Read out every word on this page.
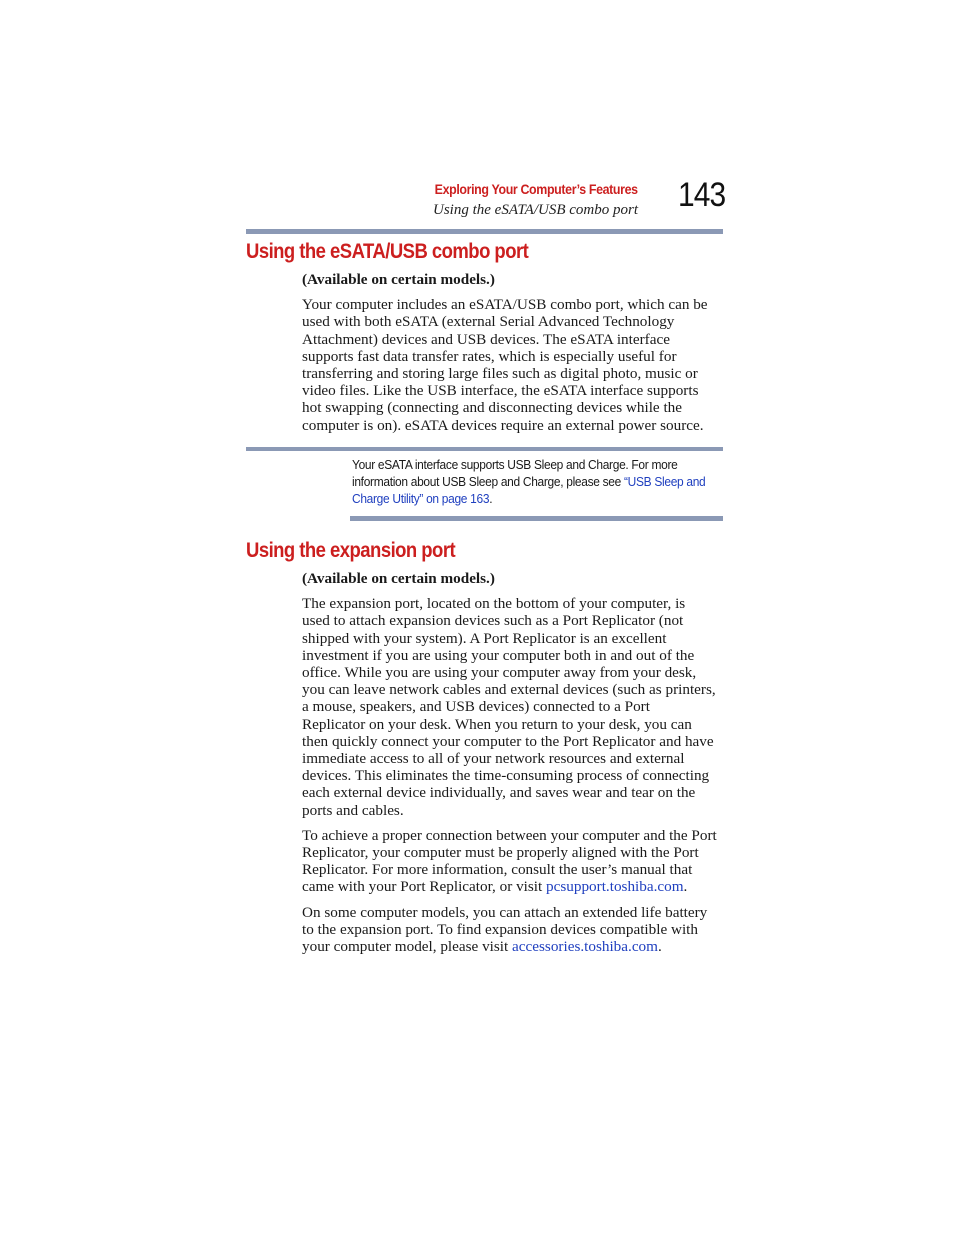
Exploring Your Computer’s Features
Using the eSATA/USB combo port 143
Using the eSATA/USB combo port

(Available on certain models.)

Your computer includes an eSATA/USB combo port, which can be
used with both eSATA (external Serial Advanced Technology
Attachment) devices and USB devices. The eSATA interface
supports fast data transfer rates, which is especially useful for
transferring and storing large files such as digital photo, music or
video files. Like the USB interface, the eSATA interface supports
hot swapping (connecting and disconnecting devices while the
computer is on). eSATA devices require an external power source.

Your eSATA interface supports USB Sleep and Charge. For more
information about USB Sleep and Charge, please see “USB Sleep and
Charge Utility” on page 163.
Using the expansion port

(Available on certain models.)

The expansion port, located on the bottom of your computer, is
used to attach expansion devices such as a Port Replicator (not
shipped with your system). A Port Replicator is an excellent
investment if you are using your computer both in and out of the
office. While you are using your computer away from your desk,
you can leave network cables and external devices (such as printers,
a mouse, speakers, and USB devices) connected to a Port
Replicator on your desk. When you return to your desk, you can
then quickly connect your computer to the Port Replicator and have
immediate access to all of your network resources and external
devices. This eliminates the time-consuming process of connecting
each external device individually, and saves wear and tear on the
ports and cables.

To achieve a proper connection between your computer and the Port
Replicator, your computer must be properly aligned with the Port
Replicator. For more information, consult the user’s manual that
came with your Port Replicator, or visit pcsupport.toshiba.com.

On some computer models, you can attach an extended life battery
to the expansion port. To find expansion devices compatible with
your computer model, please visit accessories.toshiba.com.
